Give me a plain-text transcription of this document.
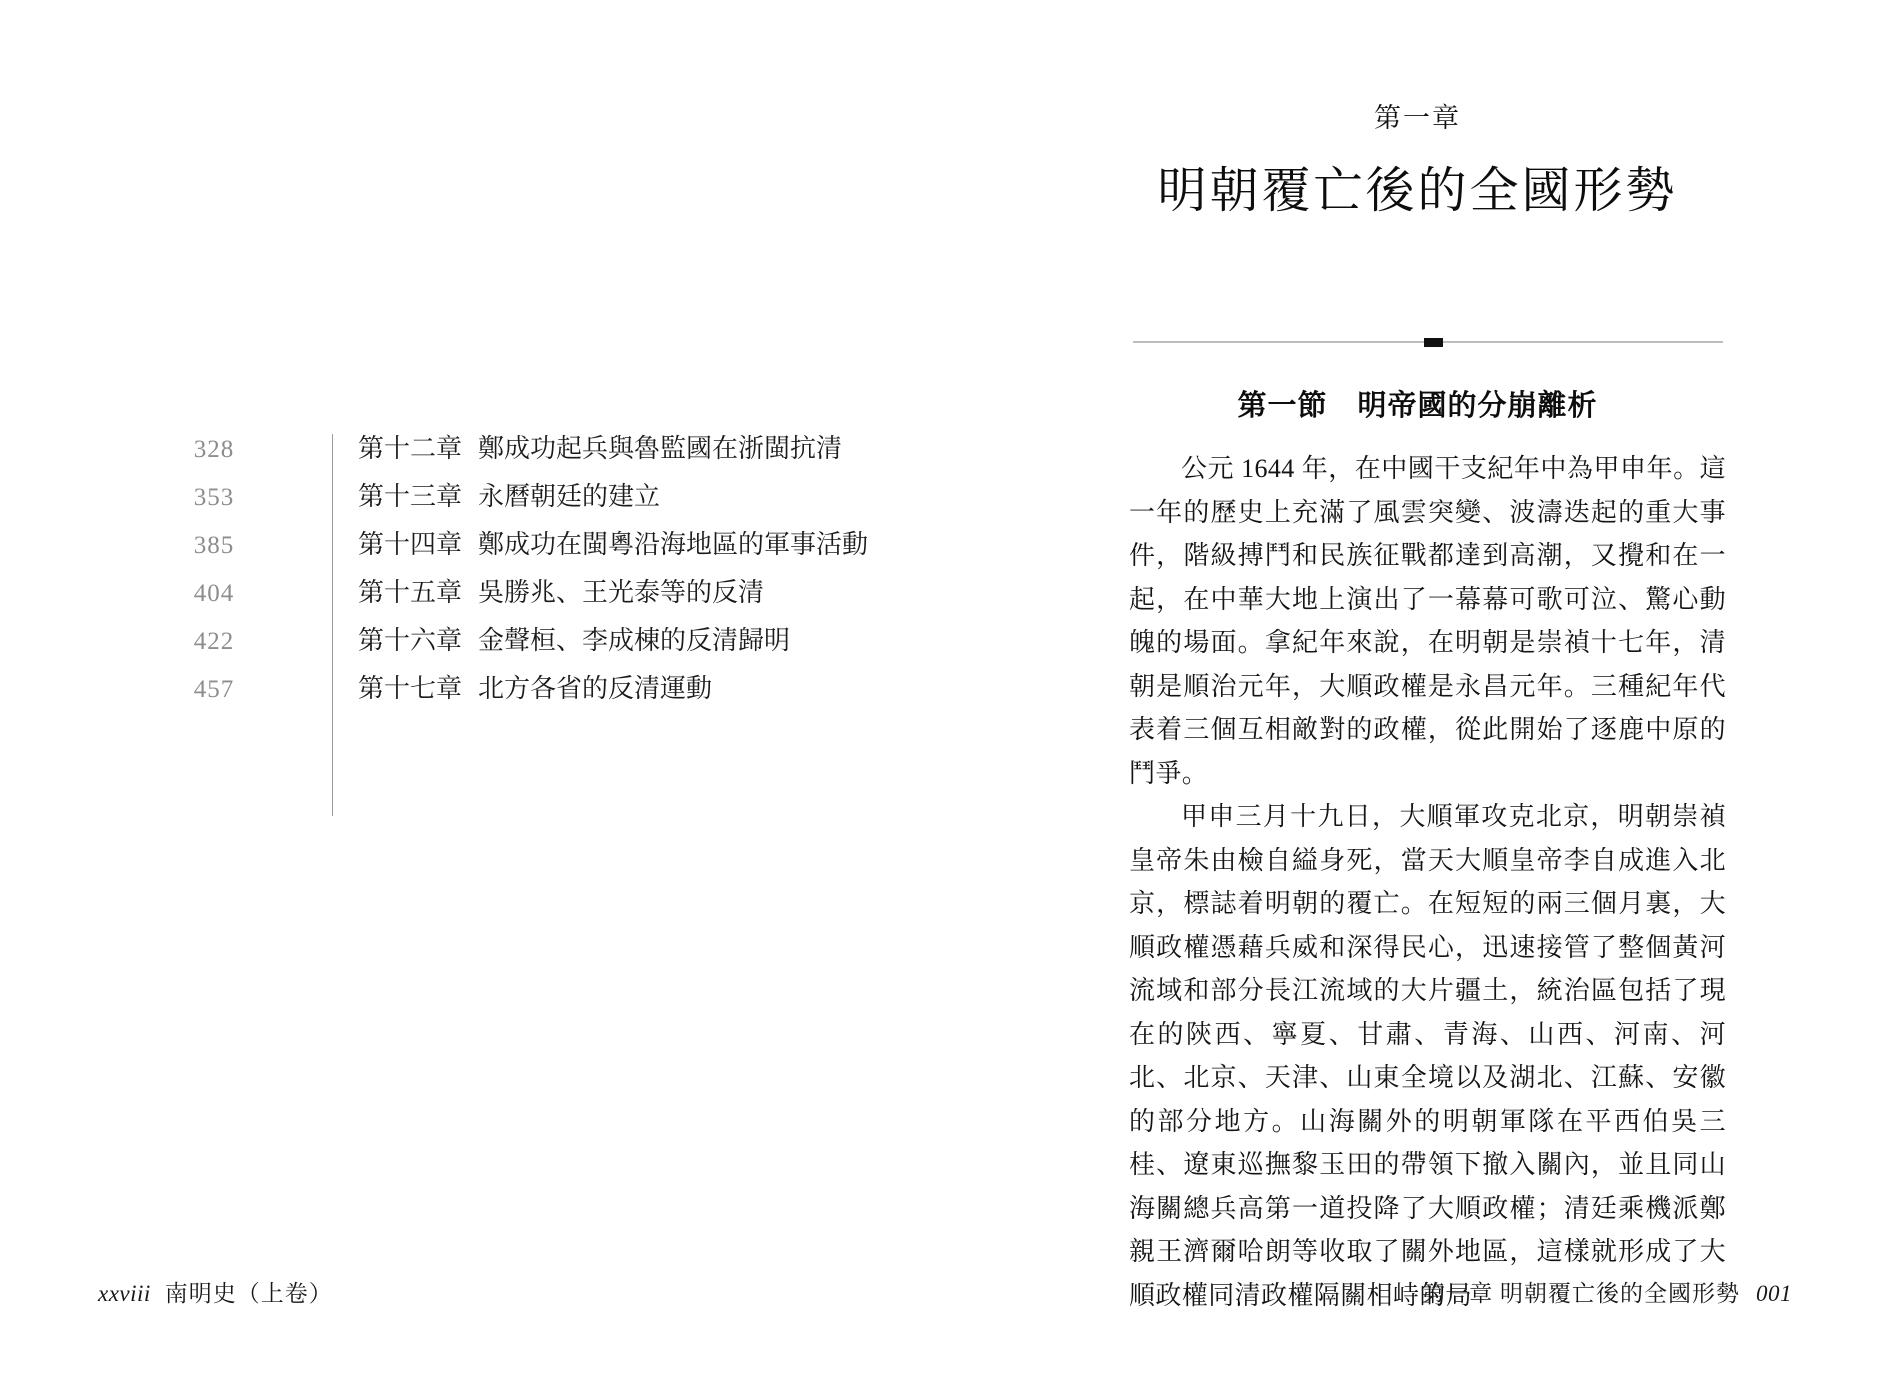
328	第十二章 鄭成功起兵與魯監國在浙閩抗清
353	第十三章 永曆朝廷的建立
385	第十四章 鄭成功在閩粵沿海地區的軍事活動
404	第十五章 吳勝兆、王光泰等的反清
422	第十六章 金聲桓、李成棟的反清歸明
457	第十七章 北方各省的反清運動
xxviii 南明史（上卷）
第一章
明朝覆亡後的全國形勢
第一節 明帝國的分崩離析

公元 1644 年，在中國干支紀年中為甲申年。這一年的歷史上充滿了風雲突變、波濤迭起的重大事件，階級搏鬥和民族征戰都達到高潮，又攪和在一起，在中華大地上演出了一幕幕可歌可泣、驚心動魄的場面。拿紀年來說，在明朝是崇禎十七年，清朝是順治元年，大順政權是永昌元年。三種紀年代表着三個互相敵對的政權，從此開始了逐鹿中原的鬥爭。

甲申三月十九日，大順軍攻克北京，明朝崇禎皇帝朱由檢自縊身死，當天大順皇帝李自成進入北京，標誌着明朝的覆亡。在短短的兩三個月裏，大順政權憑藉兵威和深得民心，迅速接管了整個黃河流域和部分長江流域的大片疆土，統治區包括了現在的陝西、寧夏、甘肅、青海、山西、河南、河北、北京、天津、山東全境以及湖北、江蘇、安徽的部分地方。山海關外的明朝軍隊在平西伯吳三桂、遼東巡撫黎玉田的帶領下撤入關內，並且同山海關總兵高第一道投降了大順政權；清廷乘機派鄭親王濟爾哈朗等收取了關外地區，這樣就形成了大順政權同清政權隔關相峙的局

第一章 明朝覆亡後的全國形勢 001
